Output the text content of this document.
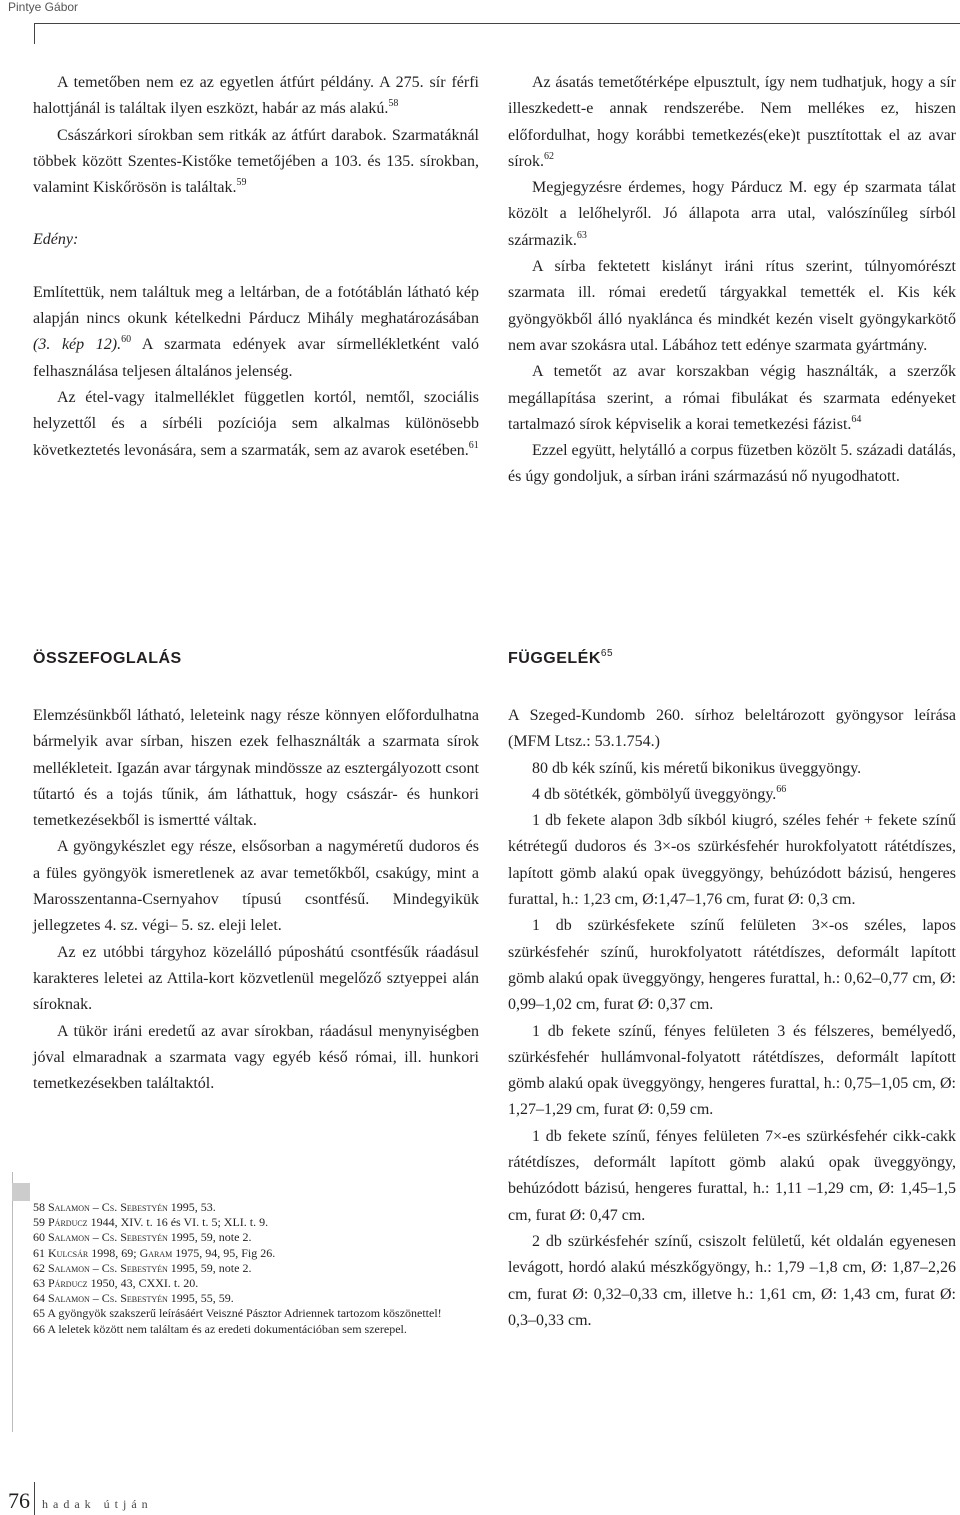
Pintye Gábor

A temetőben nem ez az egyetlen átfúrt példány. A 275. sír férfi halottjánál is találtak ilyen eszközt, habár az más alakú.$^{58}$

Császárkori sírokban sem ritkák az átfúrt darabok. Szarmatáknál többek között Szentes-Kistőke temetőjében a 103. és 135. sírokban, valamint Kiskőrösön is találtak.$^{59}$

Edény:

Említettük, nem találtuk meg a leltárban, de a fotótáblán látható kép alapján nincs okunk kételkedni Párducz Mihály meghatározásában (3. kép 12).$^{60}$ A szarmata edények avar sírmellékletként való felhasználása teljesen általános jelenség.

Az étel-vagy italmelléklet független kortól, nemtől, szociális helyzettől és a sírbéli pozíciója sem alkalmas különösebb következtetés levonására, sem a szarmaták, sem az avarok esetében.$^{61}$

Az ásatás temetőtérképe elpusztult, így nem tudhatjuk, hogy a sír illeszkedett-e annak rendszerébe. Nem mellékes ez, hiszen előfordulhat, hogy korábbi temetkezés(eke)t pusztítottak el az avar sírok.$^{62}$

Megjegyzésre érdemes, hogy Párducz M. egy ép szarmata tálat közölt a lelőhelyről. Jó állapota arra utal, valószínűleg sírból származik.$^{63}$

A sírba fektetett kislányt iráni rítus szerint, túlnyomórészt szarmata ill. római eredetű tárgyakkal temették el. Kis kék gyöngyökből álló nyaklánca és mindkét kezén viselt gyöngykarkötő nem avar szokásra utal. Lábához tett edénye szarmata gyártmány.

A temetőt az avar korszakban végig használták, a szerzők megállapítása szerint, a római fibulákat és szarmata edényeket tartalmazó sírok képviselik a korai temetkezési fázist.$^{64}$

Ezzel együtt, helytálló a corpus füzetben közölt 5. századi datálás, és úgy gondoljuk, a sírban iráni származású nő nyugodhatott.

ÖSSZEFOGLALÁS	FÜGGELÉK$^{65}$

Elemzésünkből látható, leleteink nagy része könnyen előfordulhatna bármelyik avar sírban, hiszen ezek felhasználták a szarmata sírok mellékleteit. Igazán avar tárgynak mindössze az esztergályozott csont tűtartó és a tojás tűnik, ám láthattuk, hogy császár- és hunkori temetkezésekből is ismertté váltak.

A gyöngykészlet egy része, elsősorban a nagyméretű dudoros és a füles gyöngyök ismeretlenek az avar temetőkből, csakúgy, mint a Marosszentanna-Csernyahov típusú csontfésű. Mindegyikük jellegzetes 4. sz. végi– 5. sz. eleji lelet.

Az ez utóbbi tárgyhoz közelálló púposhátú csontfésűk ráadásul karakteres leletei az Attila-kort közvetlenül megelőző sztyeppei alán síroknak.

A tükör iráni eredetű az avar sírokban, ráadásul menynyiségben jóval elmaradnak a szarmata vagy egyéb késő római, ill. hunkori temetkezésekben találtaktól.

A Szeged-Kundomb 260. sírhoz beleltározott gyöngysor leírása (MFM Ltsz.: 53.1.754.)

80 db kék színű, kis méretű bikonikus üveggyöngy.

4 db sötétkék, gömbölyű üveggyöngy.$^{66}$

1 db fekete alapon 3db síkból kiugró, széles fehér + fekete színű kétrétegű dudoros és 3×-os szürkésfehér hurokfolyatott rátétdíszes, lapított gömb alakú opak üveggyöngy, behúzódott bázisú, hengeres furattal, h.: 1,23 cm, Ø:1,47–1,76 cm, furat Ø: 0,3 cm.

1 db szürkésfekete színű felületen 3×-os széles, lapos szürkésfehér színű, hurokfolyatott rátétdíszes, deformált lapított gömb alakú opak üveggyöngy, hengeres furattal, h.: 0,62–0,77 cm, Ø: 0,99–1,02 cm, furat Ø: 0,37 cm.

1 db fekete színű, fényes felületen 3 és félszeres, bemélyedő, szürkésfehér hullámvonal-folyatott rátétdíszes, deformált lapított gömb alakú opak üveggyöngy, hengeres furattal, h.: 0,75–1,05 cm, Ø: 1,27–1,29 cm, furat Ø: 0,59 cm.

1 db fekete színű, fényes felületen 7×-es szürkésfehér cikk-cakk rátétdíszes, deformált lapított gömb alakú opak üveggyöngy, behúzódott bázisú, hengeres furattal, h.: 1,11 –1,29 cm, Ø: 1,45–1,5 cm, furat Ø: 0,47 cm.

2 db szürkésfehér színű, csiszolt felületű, két oldalán egyenesen levágott, hordó alakú mészkőgyöngy, h.: 1,79 –1,8 cm, Ø: 1,87–2,26 cm, furat Ø: 0,32–0,33 cm, illetve h.: 1,61 cm, Ø: 1,43 cm, furat Ø: 0,3–0,33 cm.

58 Salamon – Cs. Sebestyén 1995, 53.
59 Párducz 1944, XIV. t. 16 és VI. t. 5; XLI. t. 9.
60 Salamon – Cs. Sebestyén 1995, 59, note 2.
61 Kulcsár 1998, 69; Garam 1975, 94, 95, Fig 26.
62 Salamon – Cs. Sebestyén 1995, 59, note 2.
63 Párducz 1950, 43, CXXI. t. 20.
64 Salamon – Cs. Sebestyén 1995, 55, 59.
65 A gyöngyök szakszerű leírásáért Veiszné Pásztor Adriennek tartozom köszönettel!
66 A leletek között nem találtam és az eredeti dokumentációban sem szerepel.
76 hadak útján
